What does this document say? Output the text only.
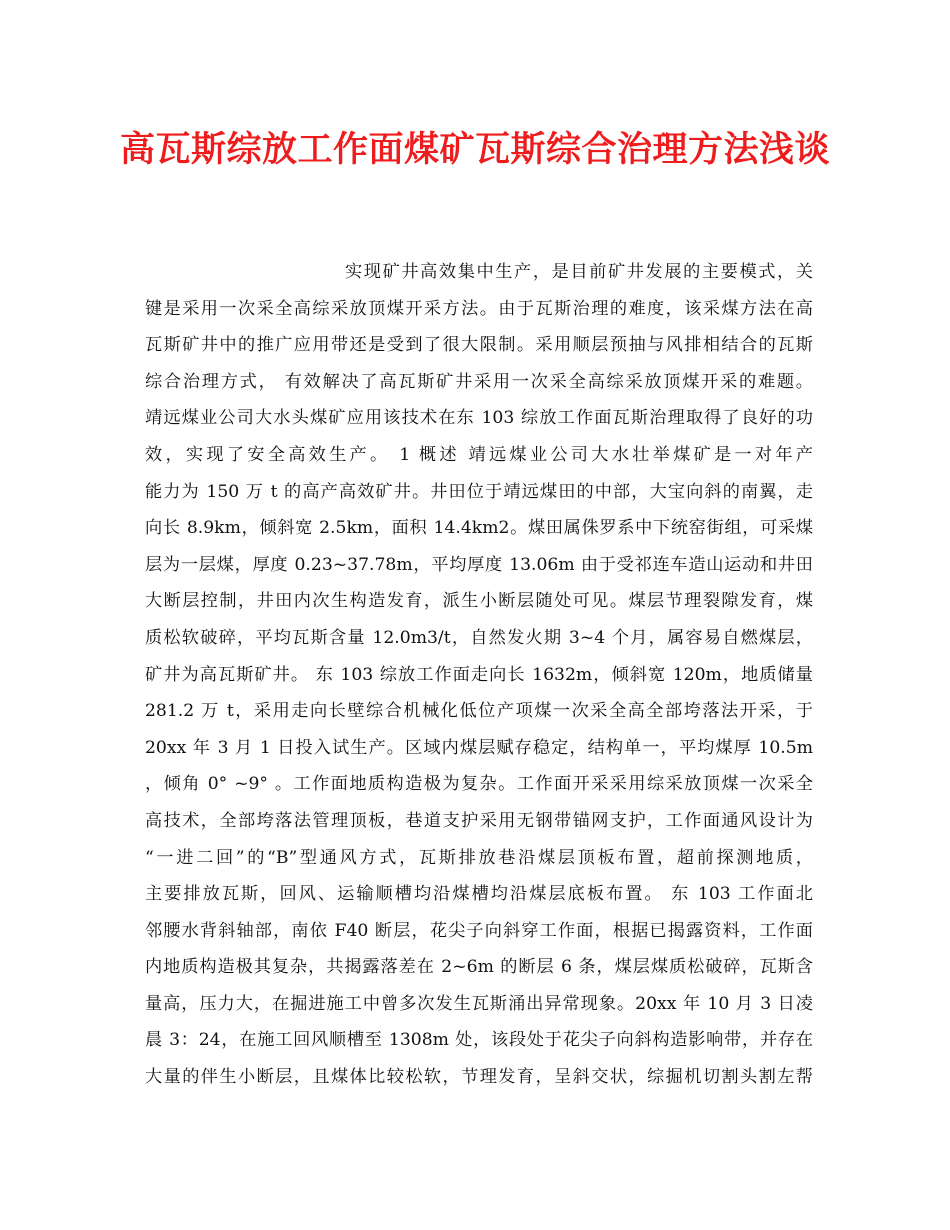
高瓦斯综放工作面煤矿瓦斯综合治理方法浅谈
实现矿井高效集中生产，是目前矿井发展的主要模式，关
键是采用一次采全高综采放顶煤开采方法。由于瓦斯治理的难度，该采煤方法在高
瓦斯矿井中的推广应用带还是受到了很大限制。采用顺层预抽与风排相结合的瓦斯
综合治理方式， 有效解决了高瓦斯矿井采用一次采全高综采放顶煤开采的难题。
靖远煤业公司大水头煤矿应用该技术在东 103 综放工作面瓦斯治理取得了良好的功
效，实现了安全高效生产。 1 概述 靖远煤业公司大水壮举煤矿是一对年产
能力为 150 万 t 的高产高效矿井。井田位于靖远煤田的中部，大宝向斜的南翼，走
向长 8.9km，倾斜宽 2.5km，面积 14.4km2。煤田属侏罗系中下统窑街组，可采煤
层为一层煤，厚度 0.23~37.78m，平均厚度 13.06m 由于受祁连车造山运动和井田
大断层控制，井田内次生构造发育，派生小断层随处可见。煤层节理裂隙发育，煤
质松软破碎，平均瓦斯含量 12.0m3/t，自然发火期 3~4 个月，属容易自燃煤层，
矿井为高瓦斯矿井。 东 103 综放工作面走向长 1632m，倾斜宽 120m，地质储量
281.2 万 t，采用走向长壁综合机械化低位产项煤一次采全高全部垮落法开采，于
20xx 年 3 月 1 日投入试生产。区域内煤层赋存稳定，结构单一，平均煤厚 10.5m
，倾角 0° ~9° 。工作面地质构造极为复杂。工作面开采采用综采放顶煤一次采全
高技术，全部垮落法管理顶板，巷道支护采用无钢带锚网支护，工作面通风设计为
“一进二回”的“B”型通风方式，瓦斯排放巷沿煤层顶板布置，超前探测地质，
主要排放瓦斯，回风、运输顺槽均沿煤槽均沿煤层底板布置。 东 103 工作面北
邻腰水背斜轴部，南依 F40 断层，花尖子向斜穿工作面，根据已揭露资料，工作面
内地质构造极其复杂，共揭露落差在 2~6m 的断层 6 条，煤层煤质松破碎，瓦斯含
量高，压力大，在掘进施工中曾多次发生瓦斯涌出异常现象。20xx 年 10 月 3 日凌
晨 3：24，在施工回风顺槽至 1308m 处，该段处于花尖子向斜构造影响带，并存在
大量的伴生小断层，且煤体比较松软，节理发育，呈斜交状，综掘机切割头割左帮
